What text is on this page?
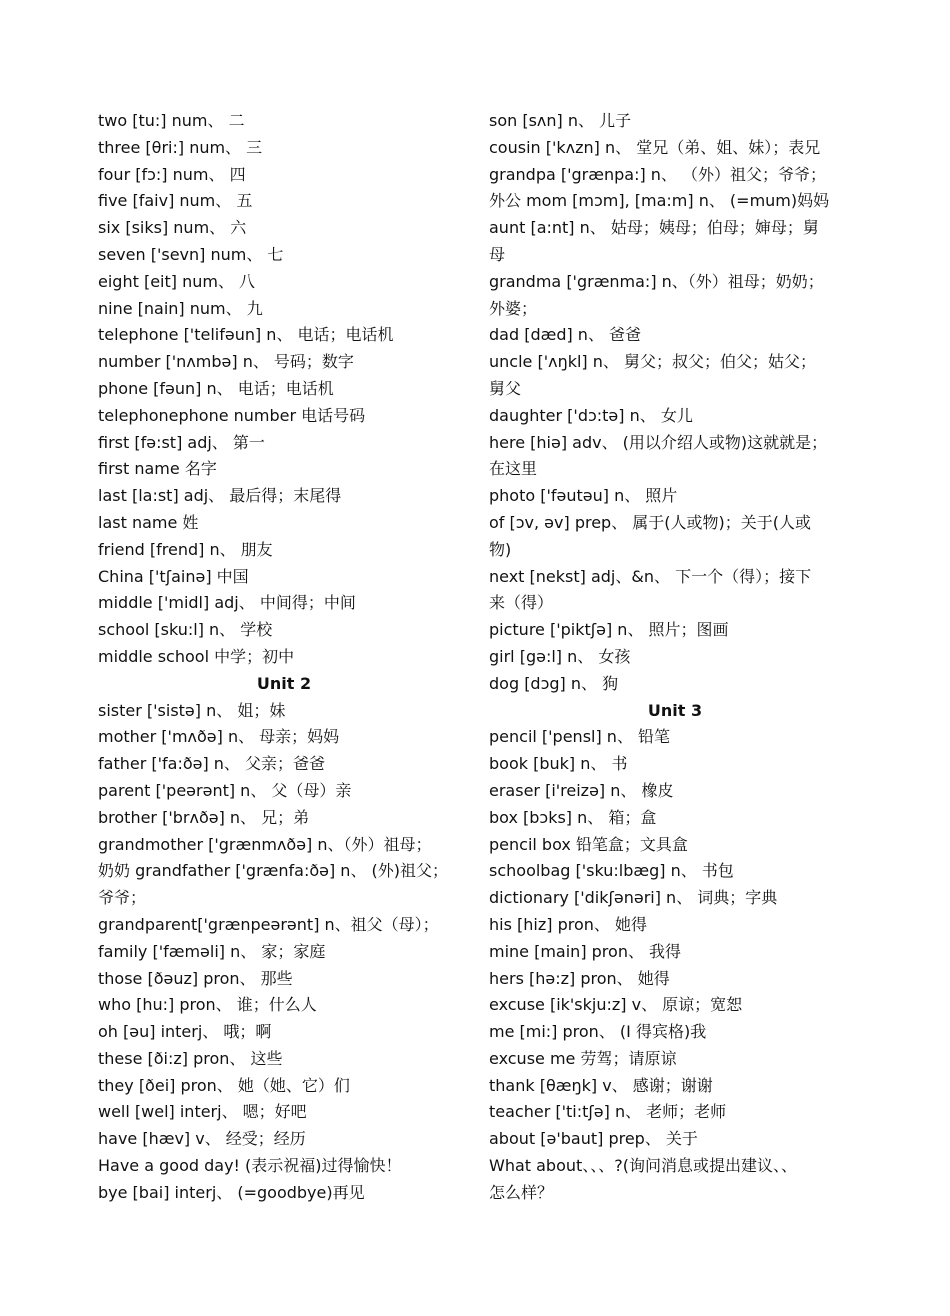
two [tu:] num、 二
three [θri:] num、 三
four [fɔ:] num、 四
five [faiv] num、 五
six [siks] num、 六
seven ['sevn] num、 七
eight [eit] num、 八
nine [nain] num、 九
telephone ['telifəun] n、 电话；电话机
number ['nʌmbə] n、 号码；数字
phone [fəun] n、 电话；电话机
telephonephone number 电话号码
first [fə:st] adj、 第一
first name 名字
last [la:st] adj、 最后得；末尾得
last name 姓
friend [frend] n、 朋友
China ['tʃainə] 中国
middle ['midl] adj、 中间得；中间
school [sku:l] n、 学校
middle school 中学；初中
Unit 2
sister ['sistə] n、 姐；妹
mother ['mʌðə] n、 母亲；妈妈
father ['fa:ðə] n、 父亲；爸爸
parent ['peərənt] n、 父（母）亲
brother ['brʌðə] n、 兄；弟
grandmother ['grænmʌðə] n、（外）祖母；
奶奶 grandfather ['grænfa:ðə] n、 (外)祖父；
爷爷；
grandparent['grænpeərənt] n、祖父（母）；
family ['fæməli] n、 家；家庭
those [ðəuz] pron、 那些
who [hu:] pron、 谁；什么人
oh [əu] interj、 哦；啊
these [ði:z] pron、 这些
they [ðei] pron、 她（她、它）们
well [wel] interj、 嗯；好吧
have [hæv] v、 经受；经历
Have a good day! (表示祝福)过得愉快！
bye [bai] interj、 (=goodbye)再见
son [sʌn] n、 儿子
cousin ['kʌzn] n、 堂兄（弟、姐、妹）；表兄
grandpa ['grænpa:] n、 （外）祖父；爷爷；
外公 mom [mɔm], [ma:m] n、 (=mum)妈妈
aunt [a:nt] n、 姑母；姨母；伯母；婶母；舅
母
grandma ['grænma:] n、（外）祖母；奶奶；
外婆；
dad [dæd] n、 爸爸
uncle ['ʌŋkl] n、 舅父；叔父；伯父；姑父；
舅父
daughter ['dɔ:tə] n、 女儿
here [hiə] adv、 (用以介绍人或物)这就就是；
在这里
photo ['fəutəu] n、 照片
of [ɔv, əv] prep、 属于(人或物)；关于(人或
物)
next [nekst] adj、&n、 下一个（得）；接下
来（得）
picture ['piktʃə] n、 照片；图画
girl [gə:l] n、 女孩
dog [dɔg] n、 狗
Unit 3
pencil ['pensl] n、 铅笔
book [buk] n、 书
eraser [i'reizə] n、 橡皮
box [bɔks] n、 箱；盒
pencil box 铅笔盒；文具盒
schoolbag ['sku:lbæg] n、 书包
dictionary ['dikʃənəri] n、 词典；字典
his [hiz] pron、 她得
mine [main] pron、 我得
hers [hə:z] pron、 她得
excuse [ik'skju:z] v、 原谅；宽恕
me [mi:] pron、 (I 得宾格)我
excuse me 劳驾；请原谅
thank [θæŋk] v、 感谢；谢谢
teacher ['ti:tʃə] n、 老师；老师
about [ə'baut] prep、 关于
What about、、、?(询问消息或提出建议、、
怎么样？
